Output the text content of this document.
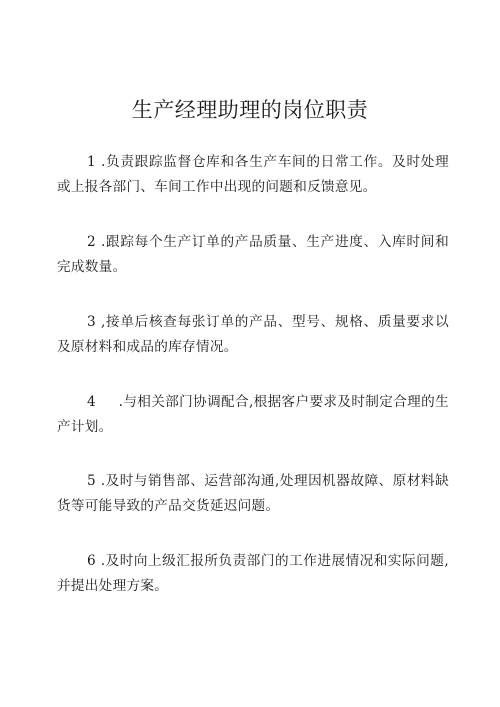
生产经理助理的岗位职责
1 .负责跟踪监督仓库和各生产车间的日常工作。及时处理或上报各部门、车间工作中出现的问题和反馈意见。
2 .跟踪每个生产订单的产品质量、生产进度、入库时间和完成数量。
3 ,接单后核查每张订单的产品、型号、规格、质量要求以及原材料和成品的库存情况。
4 .与相关部门协调配合,根据客户要求及时制定合理的生产计划。
5 .及时与销售部、运营部沟通,处理因机器故障、原材料缺货等可能导致的产品交货延迟问题。
6 .及时向上级汇报所负责部门的工作进展情况和实际问题,并提出处理方案。
